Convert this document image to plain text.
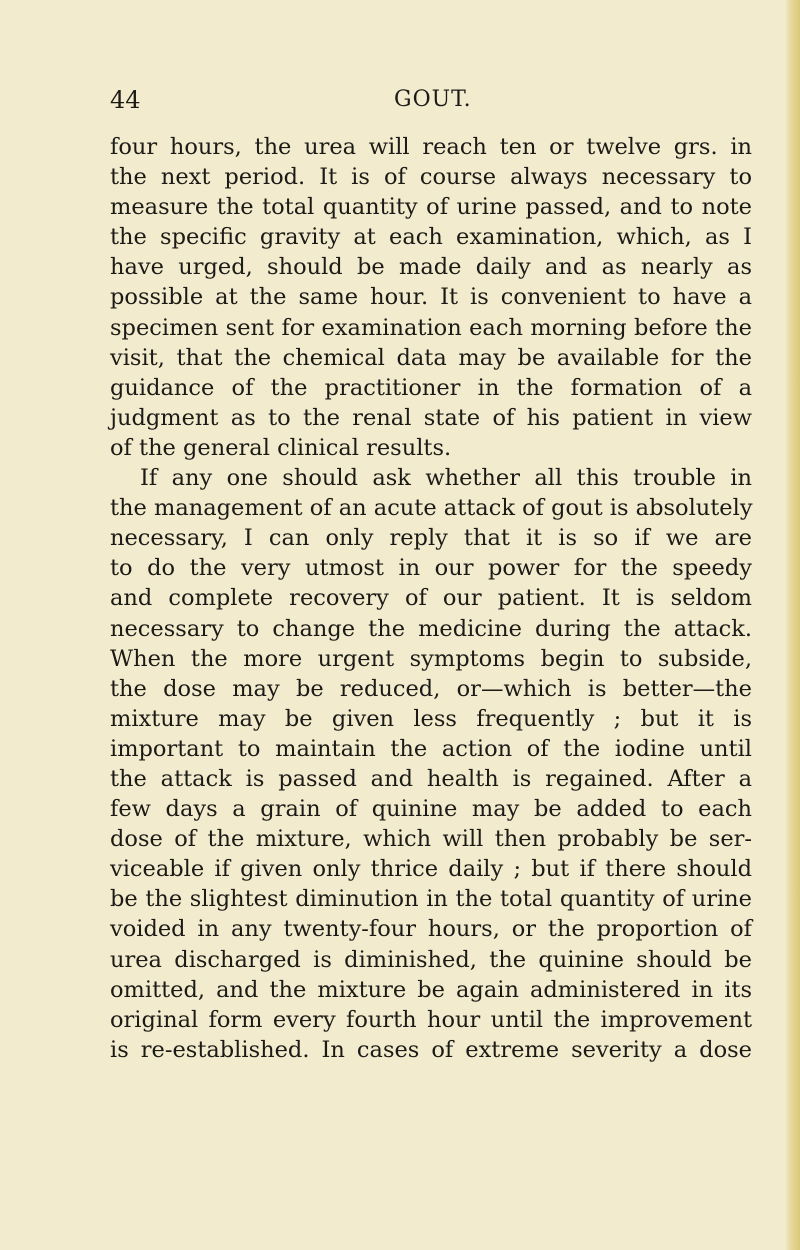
44	GOUT.
four hours, the urea will reach ten or twelve grs. in
the next period. It is of course always necessary to
measure the total quantity of urine passed, and to note
the specific gravity at each examination, which, as I
have urged, should be made daily and as nearly as
possible at the same hour. It is convenient to have a
specimen sent for examination each morning before the
visit, that the chemical data may be available for the
guidance of the practitioner in the formation of a
judgment as to the renal state of his patient in view
of the general clinical results.
If any one should ask whether all this trouble in
the management of an acute attack of gout is absolutely
necessary, I can only reply that it is so if we are
to do the very utmost in our power for the speedy
and complete recovery of our patient. It is seldom
necessary to change the medicine during the attack.
When the more urgent symptoms begin to subside,
the dose may be reduced, or—which is better—the
mixture may be given less frequently ; but it is
important to maintain the action of the iodine until
the attack is passed and health is regained. After a
few days a grain of quinine may be added to each
dose of the mixture, which will then probably be ser-
viceable if given only thrice daily ; but if there should
be the slightest diminution in the total quantity of urine
voided in any twenty-four hours, or the proportion of
urea discharged is diminished, the quinine should be
omitted, and the mixture be again administered in its
original form every fourth hour until the improvement
is re-established. In cases of extreme severity a dose
